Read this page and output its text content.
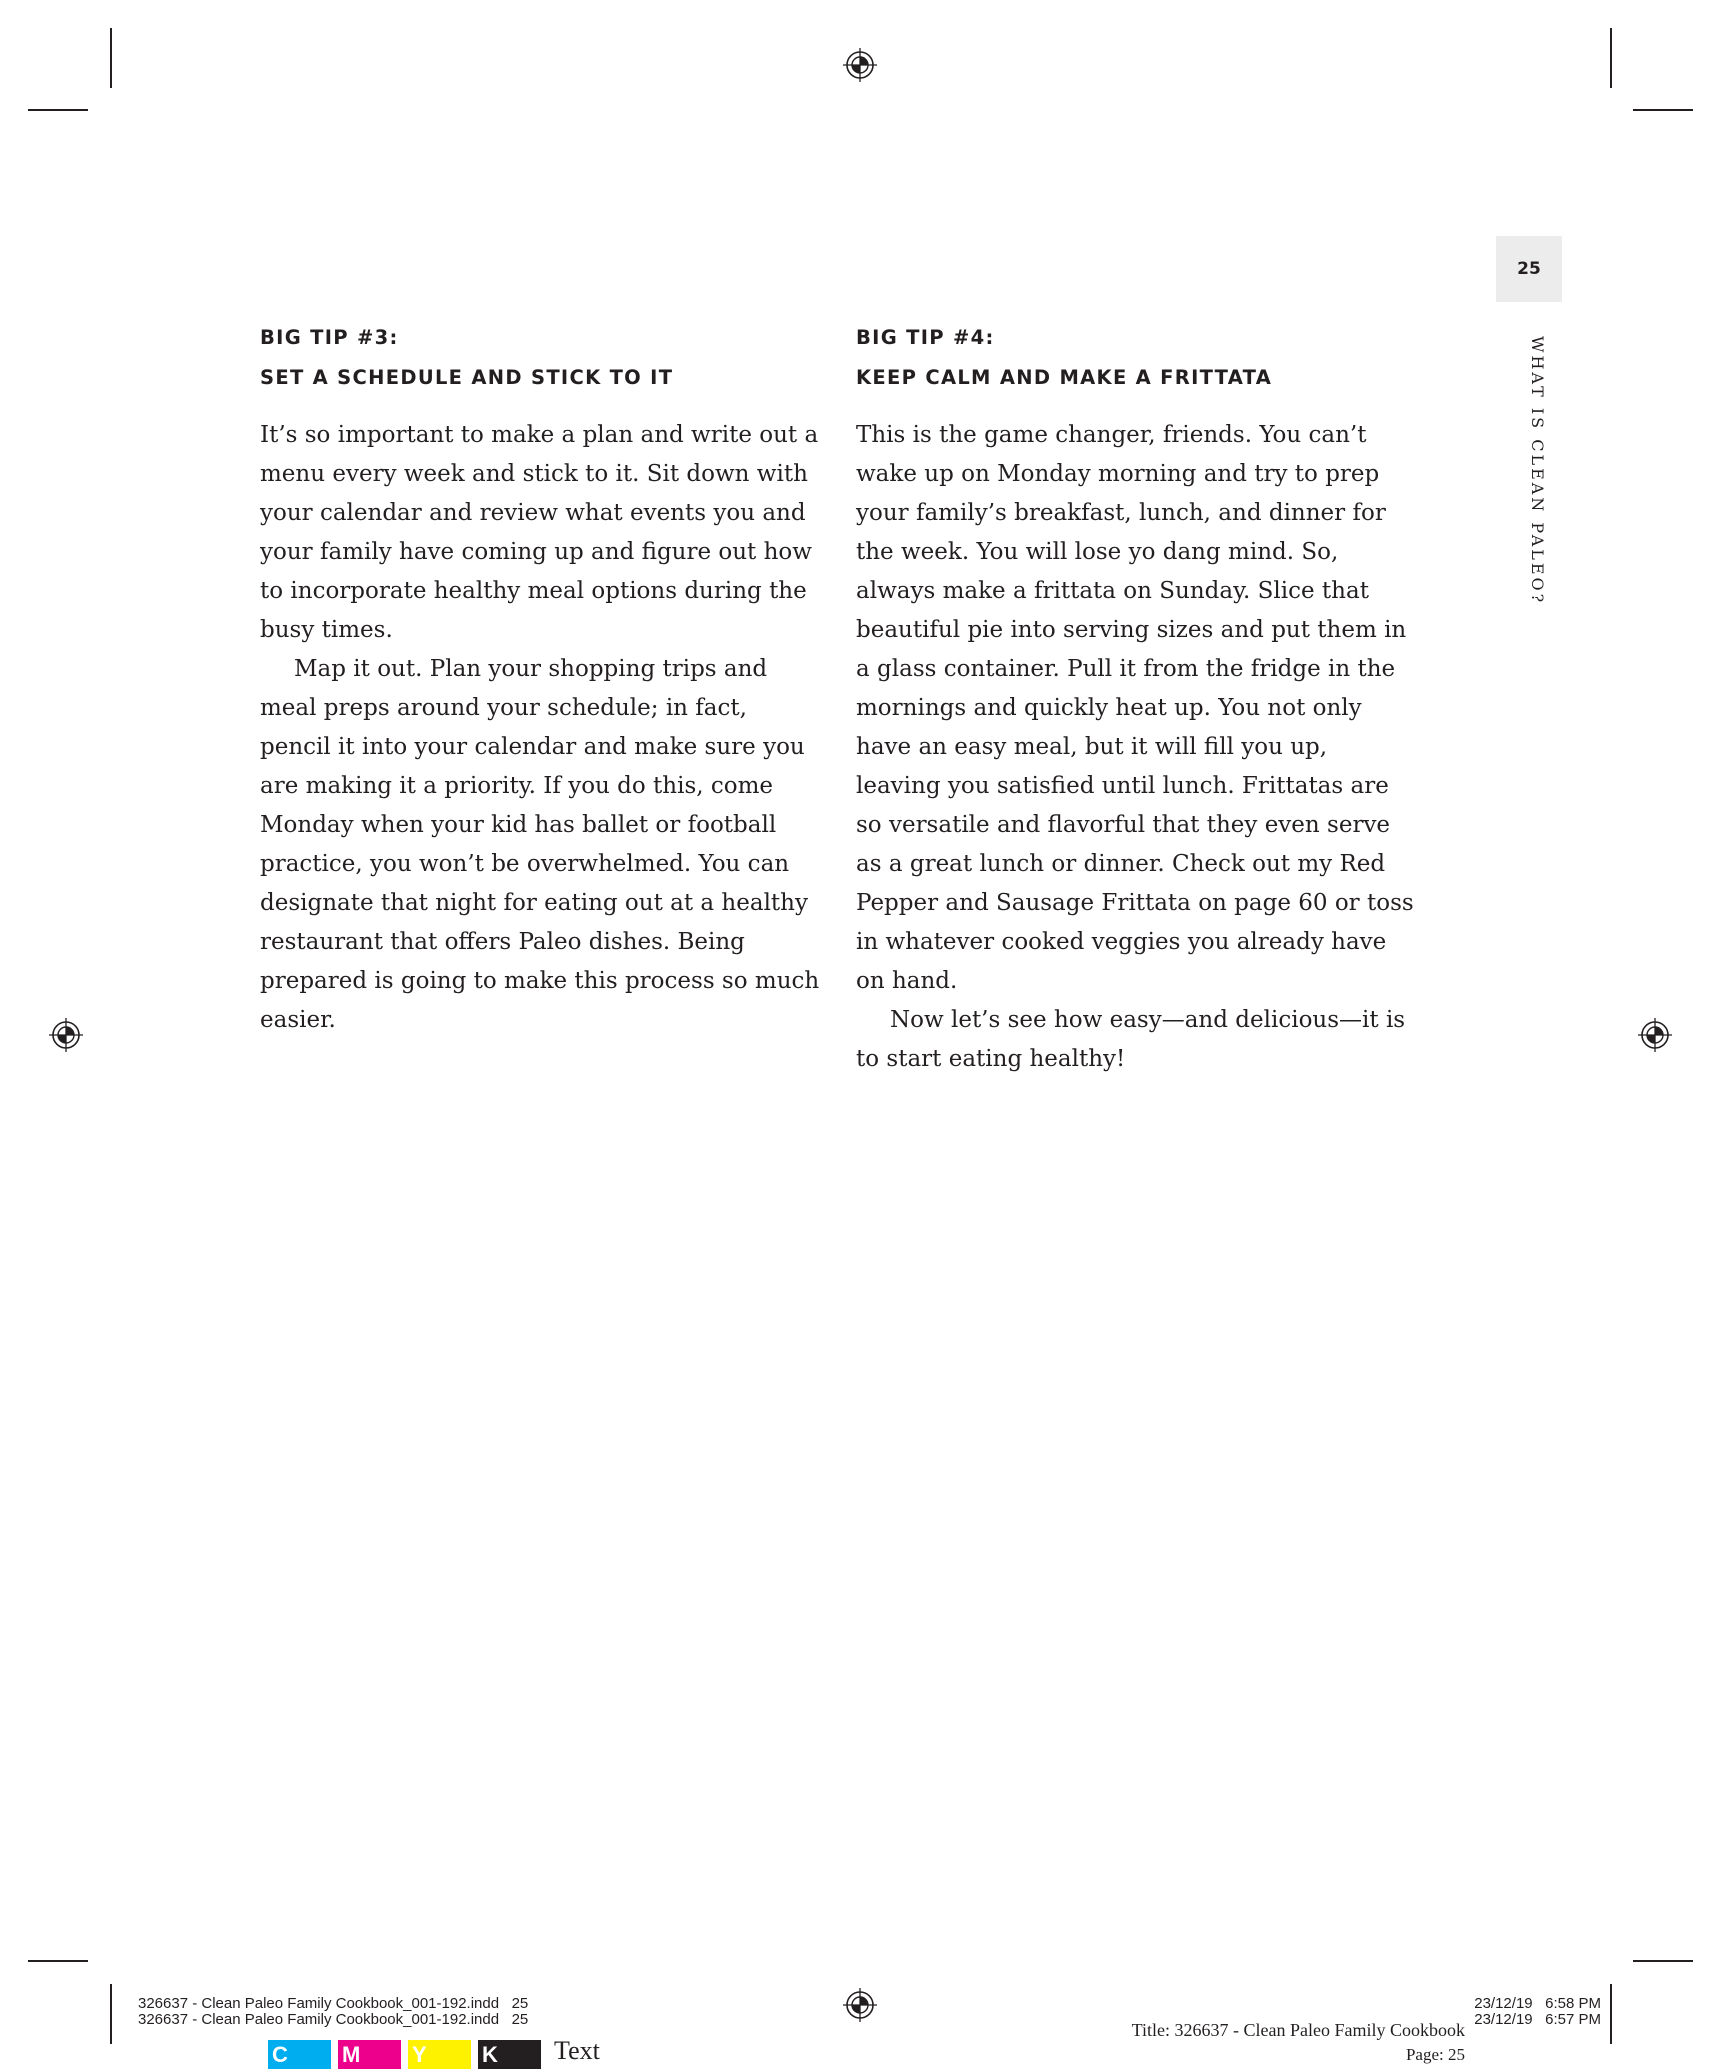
25
WHAT IS CLEAN PALEO?

BIG TIP #3:

SET A SCHEDULE AND STICK TO IT

It’s so important to make a plan and write out a menu every week and stick to it. Sit down with your calendar and review what events you and your family have coming up and figure out how to incorporate healthy meal options during the busy times.

Map it out. Plan your shopping trips and meal preps around your schedule; in fact, pencil it into your calendar and make sure you are making it a priority. If you do this, come Monday when your kid has ballet or football practice, you won’t be overwhelmed. You can designate that night for eating out at a healthy restaurant that offers Paleo dishes. Being prepared is going to make this process so much easier.

BIG TIP #4:

KEEP CALM AND MAKE A FRITTATA

This is the game changer, friends. You can’t wake up on Monday morning and try to prep your family’s breakfast, lunch, and dinner for the week. You will lose yo dang mind. So, always make a frittata on Sunday. Slice that beautiful pie into serving sizes and put them in a glass container. Pull it from the fridge in the mornings and quickly heat up. You not only have an easy meal, but it will fill you up, leaving you satisfied until lunch. Frittatas are so versatile and flavorful that they even serve as a great lunch or dinner. Check out my Red Pepper and Sausage Frittata on page 60 or toss in whatever cooked veggies you already have on hand.

Now let’s see how easy—and delicious—it is to start eating healthy!

326637 - Clean Paleo Family Cookbook_001-192.indd   25
326637 - Clean Paleo Family Cookbook_001-192.indd   25
23/12/19   6:58 PM
23/12/19   6:57 PM
Title: 326637 - Clean Paleo Family Cookbook
Page: 25
C	M	Y	K	Text
